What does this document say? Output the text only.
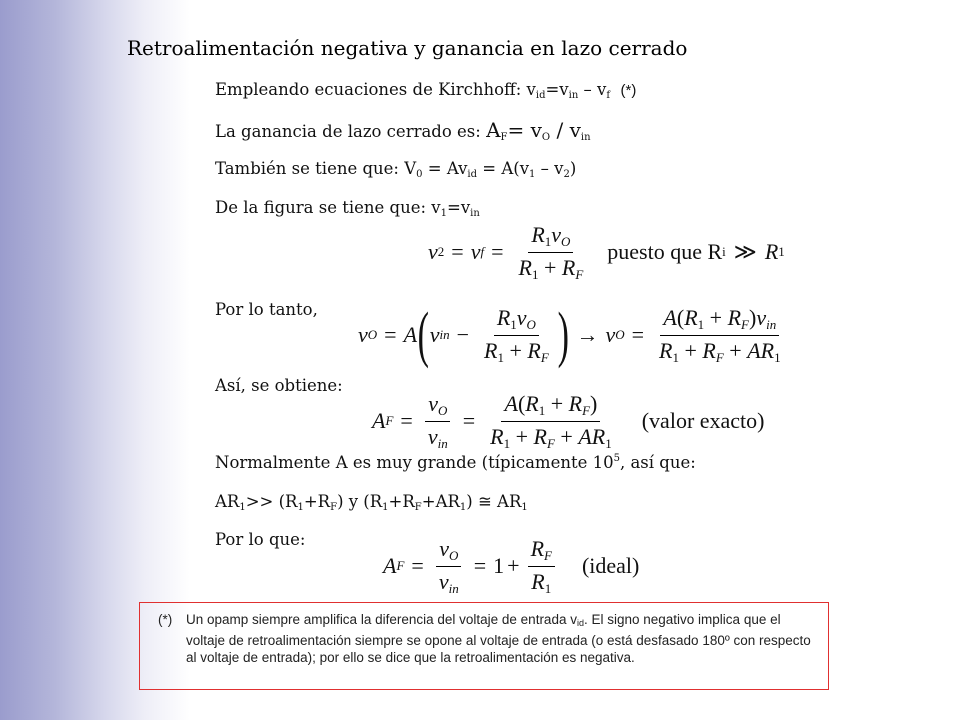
Retroalimentación negativa y ganancia en lazo cerrado
Empleando ecuaciones de Kirchhoff: $v_{id}=v_{in} - v_f$ (*)
La ganancia de lazo cerrado es: $A_F= v_O / v_{in}$
También se tiene que: $V_0 = Av_{id} = A(v_1 - v_2)$
De la figura se tiene que: $v_1=v_{in}$
v 2 = v $f = \frac{R_1v_O}{R_1 + R_F}$ puesto que R i ≫ R 1
Por lo tanto,
v O = A ( v in − $\frac{R_1v_O}{R_1 + R_F}$ ) → v $O = \frac{A(R_1 + R_F)v_{in}}{R_1 + R_F + AR_1}$
Así, se obtiene:
A $F = \frac{v_O}{v_{in}} = \frac{A(R_1 + R_F)}{R_1 + R_F + AR_1}$ (valor exacto)
Normalmente A es muy grande (típicamente $10^5$, así que:
$AR_1>> (R_1+R_F)$ y $(R_1+R_F+AR_1)$ ≅ $AR_1$
Por lo que:
A $F = \frac{v_O}{v_{in}} = 1 + \frac{R_F}{R_1}$ (ideal)
(*) Un opamp siempre amplifica la diferencia del voltaje de entrada $v_{id}$. El signo negativo implica que el voltaje de retroalimentación siempre se opone al voltaje de entrada (o está desfasado 180º con respecto al voltaje de entrada); por ello se dice que la retroalimentación es negativa.
